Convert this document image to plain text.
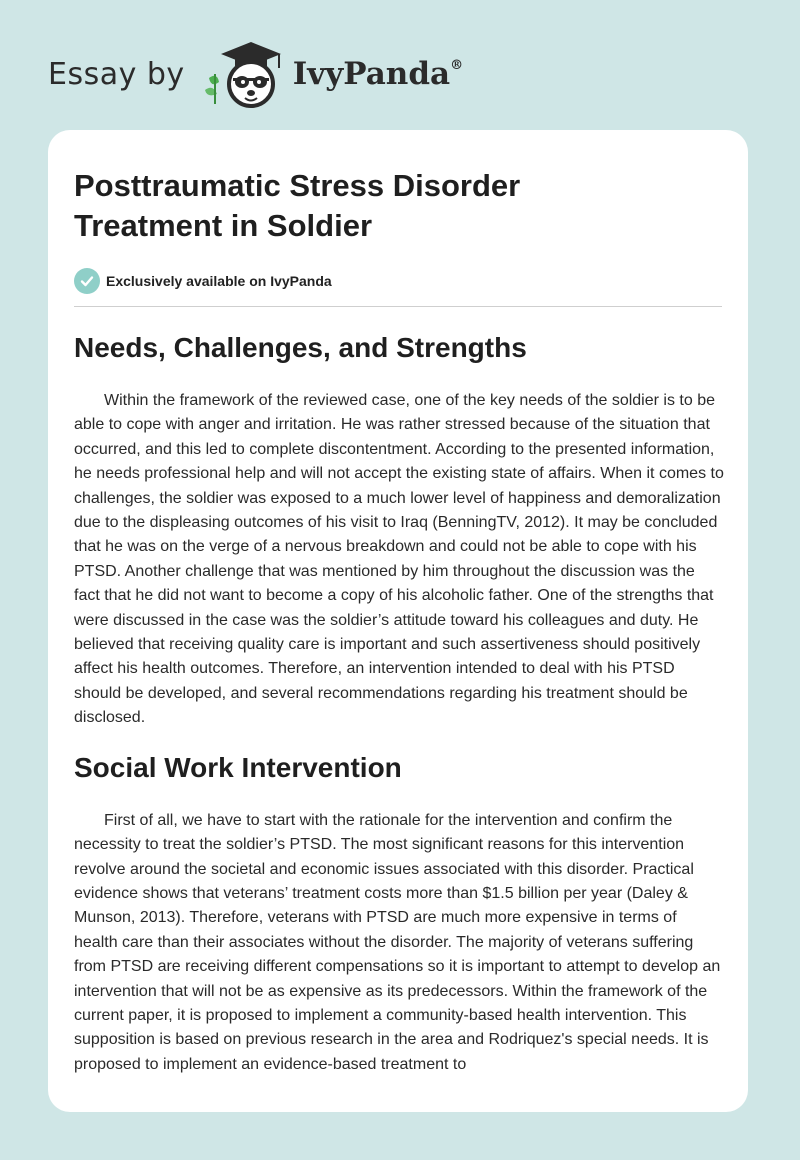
Essay by	IvyPanda®
Posttraumatic Stress Disorder Treatment in Soldier
Exclusively available on IvyPanda
Needs, Challenges, and Strengths

Within the framework of the reviewed case, one of the key needs of the soldier is to be able to cope with anger and irritation. He was rather stressed because of the situation that occurred, and this led to complete discontentment. According to the presented information, he needs professional help and will not accept the existing state of affairs. When it comes to challenges, the soldier was exposed to a much lower level of happiness and demoralization due to the displeasing outcomes of his visit to Iraq (BenningTV, 2012). It may be concluded that he was on the verge of a nervous breakdown and could not be able to cope with his PTSD. Another challenge that was mentioned by him throughout the discussion was the fact that he did not want to become a copy of his alcoholic father. One of the strengths that were discussed in the case was the soldier’s attitude toward his colleagues and duty. He believed that receiving quality care is important and such assertiveness should positively affect his health outcomes. Therefore, an intervention intended to deal with his PTSD should be developed, and several recommendations regarding his treatment should be disclosed.

Social Work Intervention

First of all, we have to start with the rationale for the intervention and confirm the necessity to treat the soldier’s PTSD. The most significant reasons for this intervention revolve around the societal and economic issues associated with this disorder. Practical evidence shows that veterans’ treatment costs more than $1.5 billion per year (Daley & Munson, 2013). Therefore, veterans with PTSD are much more expensive in terms of health care than their associates without the disorder. The majority of veterans suffering from PTSD are receiving different compensations so it is important to attempt to develop an intervention that will not be as expensive as its predecessors. Within the framework of the current paper, it is proposed to implement a community-based health intervention. This supposition is based on previous research in the area and Rodriquez's special needs. It is proposed to implement an evidence-based treatment to
